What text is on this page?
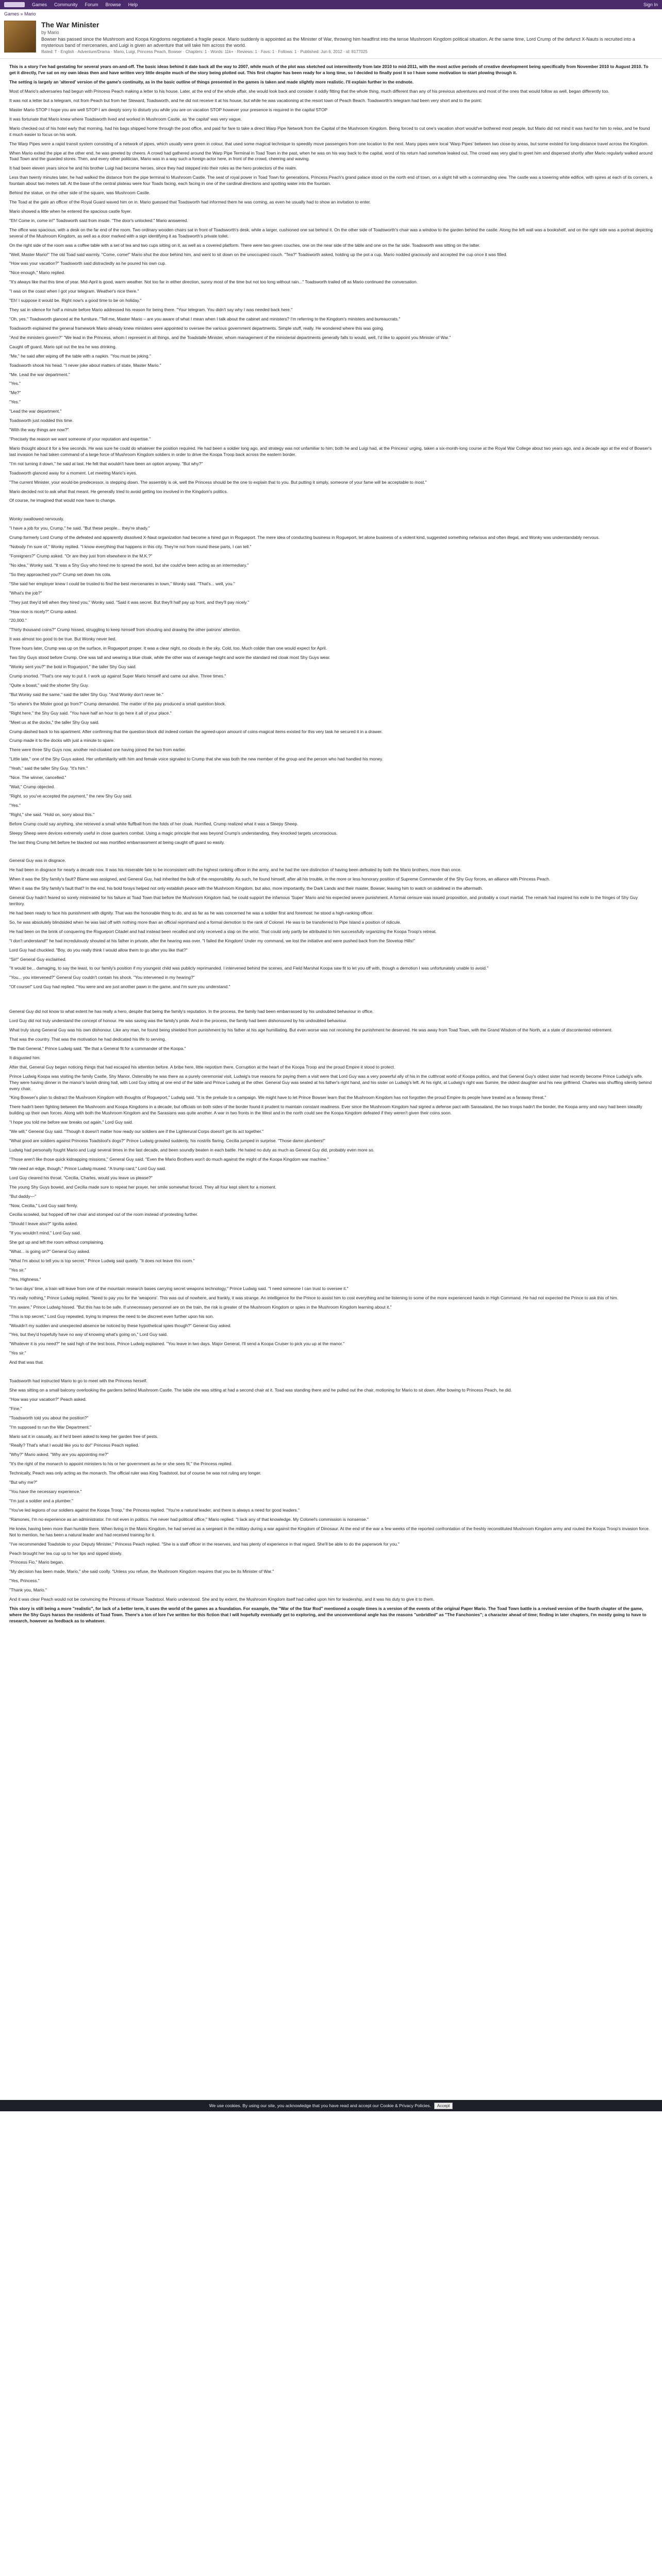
Games Community Forum Browse Help	Sign In
Games » Mario
The War Minister
by Mario
Bowser has passed since the Mushroom and Koopa Kingdoms negotiated a fragile peace. Mario suddenly is appointed as the Minister of War, throwing him headfirst into the tense Mushroom Kingdom political situation. At the same time, Lord Crump of the defunct X-Nauts is recruited into a mysterious band of mercenaries, and Luigi is given an adventure that will take him across the world.
Rated: T · English · Adventure/Drama · Mario, Luigi, Princess Peach, Bowser · Chapters: 1 · Words: 11k+ · Reviews: 1 · Favs: 1 · Follows: 1 · Published: Jun 6, 2012 · id: 8177025

This is a story I've had gestating for several years on-and-off. The basic ideas behind it date back all the way to 2007, while much of the plot was sketched out intermittently from late 2010 to mid-2011, with the most active periods of creative development being specifically from November 2010 to August 2010. To get it directly, I've sat on my own ideas then and have written very little despite much of the story being plotted out. This first chapter has been ready for a long time, so I decided to finally post it so I have some motivation to start plowing through it.

The setting is largely an 'altered' version of the game's continuity, as in the basic outline of things presented in the games is taken and made slightly more realistic. I'll explain further in the endnote.

Most of Mario's adversaries had begun with Princess Peach making a letter to his house. Later, at the end of the whole affair, she would look back and consider it oddly fitting that the whole thing, much different than any of his previous adventures and most of the ones that would follow as well, began differently too.

It was not a letter but a telegram, not from Peach but from her Steward, Toadsworth, and he did not receive it at his house, but while he was vacationing at the resort town of Peach Beach. Toadsworth's telegram had been very short and to the point:

Master Mario STOP I hope you are well STOP I am deeply sorry to disturb you while you are on vacation STOP however your presence is required in the capital STOP

It was fortunate that Mario knew where Toadsworth lived and worked in Mushroom Castle, as 'the capital' was very vague.

Mario checked out of his hotel early that morning, had his bags shipped home through the post office, and paid for fare to take a direct Warp Pipe Network from the Capital of the Mushroom Kingdom. Being forced to cut one's vacation short would've bothered most people, but Mario did not mind it was hard for him to relax, and he found it much easier to focus on his work.

The Warp Pipes were a rapid transit system consisting of a network of pipes, which usually were green in colour, that used some magical technique to speedily move passengers from one location to the next. Many pipes were local 'Warp Pipes' between two close-by areas, but some existed for long-distance travel across the Kingdom.

When Mario exited the pipe at the other end, he was greeted by cheers. A crowd had gathered around the Warp Pipe Terminal in Toad Town in the past, when he was on his way back to the capital, word of his return had somehow leaked out. The crowd was very glad to greet him and dispersed shortly after Mario regularly walked around Toad Town and the guarded stores. Then, and every other politician, Mario was in a way such a foreign actor here, in front of the crowd, cheering and waving.

It had been eleven years since he and his brother Luigi had become heroes, since they had stepped into their roles as the hero protectors of the realm.

Less than twenty minutes later, he had walked the distance from the pipe terminal to Mushroom Castle. The seat of royal power in Toad Town for generations, Princess Peach's grand palace stood on the north end of town, on a slight hill with a commanding view. The castle was a towering white edifice, with spires at each of its corners, a fountain about two meters tall. At the base of the central plateau were four Toads facing, each facing in one of the cardinal directions and spotting water into the fountain.

Behind the statue, on the other side of the square, was Mushroom Castle.

The Toad at the gate an officer of the Royal Guard waved him on in. Mario guessed that Toadsworth had informed them he was coming, as even he usually had to show an invitation to enter.

Mario showed a little when he entered the spacious castle foyer.

"Eh! Come in, come in!" Toadsworth said from inside. "The door's unlocked." Mario answered.

The office was spacious, with a desk on the far end of the room. Two ordinary wooden chairs sat in front of Toadsworth's desk, while a larger, cushioned one sat behind it. On the other side of Toadsworth's chair was a window to the garden behind the castle. Along the left wall was a bookshelf, and on the right side was a portrait depicting several of the Mushroom Kingdom, as well as a door marked with a sign identifying it as Toadsworth's private toilet.

On the right side of the room was a coffee table with a set of tea and two cups sitting on it, as well as a covered platform. There were two green couches, one on the near side of the table and one on the far side. Toadsworth was sitting on the latter.

"Well, Master Mario!" The old Toad said warmly. "Come, come!" Mario shut the door behind him, and went to sit down on the unoccupied couch. "Tea?" Toadsworth asked, holding up the pot a cup. Mario nodded graciously and accepted the cup once it was filled.

"How was your vacation?" Toadsworth said distractedly as he poured his own cup.

"Nice enough," Mario replied.

"It's always like that this time of year. Mid-April is good, warm weather. Not too far in either direction, sunny most of the time but not too long without rain..." Toadsworth trailed off as Mario continued the conversation.

"I was on the coast when I got your telegram. Weather's nice there."

"Eh! I suppose it would be. Right now's a good time to be on holiday."

They sat in silence for half a minute before Mario addressed his reason for being there. "Your telegram. You didn't say why I was needed back here."

"Oh, yes." Toadsworth glanced at the furniture. "Tell me, Master Mario – are you aware of what I mean when I talk about the cabinet and ministers? I'm referring to the Kingdom's ministers and bureaucrats."

Toadsworth explained the general framework Mario already knew ministers were appointed to oversee the various government departments. Simple stuff, really. He wondered where this was going.

"And the ministers govern?" "We lead in the Princess, whom I represent in all things, and the Toadstalle Minister, whom management of the ministerial departments generally falls to would, well, I'd like to appoint you Minister of War."

Caught off guard, Mario spit out the tea he was drinking.

"Me," he said after wiping off the table with a napkin. "You must be joking."

Toadsworth shook his head. "I never joke about matters of state, Master Mario."

"Me. Lead the war department."

"Yes."

"Me?"

"Yes."

"Lead the war department."

Toadsworth just nodded this time.

"With the way things are now?"

"Precisely the reason we want someone of your reputation and expertise."

Mario thought about it for a few seconds. He was sure he could do whatever the position required. He had been a soldier long ago, and strategy was not unfamiliar to him; both he and Luigi had, at the Princess' urging, taken a six-month-long course at the Royal War College about two years ago, and a decade ago at the end of Bowser's last invasion he had taken command of a large force of Mushroom Kingdom soldiers in order to drive the Koopa Troop back across the eastern border.

"I'm not turning it down," he said at last. He felt that wouldn't have been an option anyway. "But why?"

Toadsworth glanced away for a moment. Let meeting Mario's eyes.

"The current Minister, your would-be predecessor, is stepping down. The assembly is ok, well the Princess should be the one to explain that to you. But putting it simply, someone of your fame will be acceptable to most."

Mario decided not to ask what that meant. He generally tried to avoid getting too involved in the Kingdom's politics.

Of course, he imagined that would now have to change.

Wonky swallowed nervously.

"I have a job for you, Crump," he said. "But these people... they're shady."

Crump formerly Lord Crump of the defeated and apparently dissolved X-Naut organization had become a hired gun in Rogueport. The mere idea of conducting business in Rogueport, let alone business of a violent kind, suggested something nefarious and often illegal, and Wonky was understandably nervous.

"Nobody I'm sure of," Wonky replied. "I know everything that happens in this city. They're not from round these parts, I can tell."

"Foreigners?" Crump asked. "Or are they just from elsewhere in the M.K.?"

"No idea," Wonky said. "It was a Shy Guy who hired me to spread the word, but she could've been acting as an intermediary."

"So they approached you?" Crump set down his cola.

"She said her employer knew I could be trusted to find the best mercenaries in town," Wonky said. "That's... well, you."

"What's the job?"

"They just they'd tell when they hired you," Wonky said. "Said it was secret. But they'll half pay up front, and they'll pay nicely."

"How nice is nicely?" Crump asked.

"20,000."

"Thirty thousand coins?" Crump hissed, struggling to keep himself from shouting and drawing the other patrons' attention.

It was almost too good to be true. But Wonky never lied.

Three hours later, Crump was up on the surface, in Rogueport proper. It was a clear night, no clouds in the sky. Cold, too. Much colder than one would expect for April.

Two Shy Guys stood before Crump. One was tall and wearing a blue cloak, while the other was of average height and wore the standard red cloak most Shy Guys wear.

"Wonky sent you?" the bold in Rogueport," the taller Shy Guy said.

Crump snorted. "That's one way to put it. I work up against Super Mario himself and came out alive. Three times."

"Quite a boast," said the shorter Shy Guy.

"But Wonky said the same," said the taller Shy Guy. "And Wonky don't never lie."

"So where's the Mister good go from?" Crump demanded. The matter of the pay produced a small question block.

"Right here," the Shy Guy said. "You have half an hour to go here it all of your place."

"Meet us at the docks," the taller Shy Guy said.

Crump dashed back to his apartment. After confirming that the question block did indeed contain the agreed-upon amount of coins-magical items existed for this very task he secured it in a drawer.

Crump made it to the docks with just a minute to spare.

There were three Shy Guys now, another red-cloaked one having joined the two from earlier.

"Little late," one of the Shy Guys asked. Her unfamiliarity with him and female voice signaled to Crump that she was both the new member of the group and the person who had handled his money.

"Yeah," said the taller Shy Guy. "It's him."

"Nice. The winner, cancelled."

"Wait," Crump objected.

"Right, so you've accepted the payment," the new Shy Guy said.

"Yes."

"Right," she said. "Hold on, sorry about this."

Before Crump could say anything, she retrieved a small white fluffball from the folds of her cloak. Horrified, Crump realized what it was a Sleepy Sheep.

Sleepy Sheep were devices extremely useful in close quarters combat. Using a magic principle that was beyond Crump's understanding, they knocked targets unconscious.

The last thing Crump felt before he blacked out was mortified embarrassment at being caught off guard so easily.

General Guy was in disgrace.

He had been in disgrace for nearly a decade now. It was his miserable fate to be inconsistent with the highest ranking officer in the army, and he had the rare distinction of having been defeated by both the Mario brothers, more than once.

When it was the Shy family's fault? Blame was assigned, and General Guy, had inherited the bulk of the responsibility. As such, he found himself, after all his trouble, in the more or less honorary position of Supreme Commander of the Shy Guy forces, an alliance with Princess Peach.

When it was the Shy family's fault that? In the end, his bold forays helped not only establish peace with the Mushroom Kingdom, but also, more importantly, the Dark Lands and their master, Bowser, leaving him to watch on sidelined in the aftermath.

General Guy hadn't feared so sorely mistreated for his failure at Toad Town that before the Mushroom Kingdom had, he could support the infamous 'Super' Mario and his expected severe punishment. A formal censure was issued proposition, and probably a court martial. The remark had inspired his exile to the fringes of Shy Guy territory.

He had been ready to face his punishment with dignity. That was the honorable thing to do, and as far as he was concerned he was a soldier first and foremost: he stood a high-ranking officer.

So, he was absolutely blindsided when he was laid off with nothing more than an official reprimand and a formal demotion to the rank of Colonel. He was to be transferred to Pipe Island a position of ridicule.

He had been on the brink of conquering the Rogueport Citadel and had instead been recalled and only received a slap on the wrist. That could only partly be attributed to him successfully organizing the Koopa Troop's retreat.

"I don't understand!" he had incredulously shouted at his father in private, after the hearing was over. "I failed the Kingdom! Under my command, we lost the initiative and were pushed back from the Stovetop Hills!"

Lord Guy had chuckled. "Boy, do you really think I would allow them to go after you like that?"

"Sir!" General Guy exclaimed.

"It would be... damaging, to say the least, to our family's position if my youngest child was publicly reprimanded. I intervened behind the scenes, and Field Marshal Koopa saw fit to let you off with, though a demotion I was unfortunately unable to avoid."

"You... you intervened?" General Guy couldn't contain his shock. "You intervened in my hearing?"

"Of course!" Lord Guy had replied. "You were and are just another pawn in the game, and I'm sure you understand."

General Guy did not know to what extent he has really a hero, despite that being the family's reputation. In the process, the family had been embarrassed by his undoubted behaviour in office.

Lord Guy did not truly understand the concept of honour. He was saving was the family's pride. And in the process, the family had been dishonoured by his undoubted behaviour.

What truly stung General Guy was his own dishonour. Like any man, he found being shielded from punishment by his father at his age humiliating. But even worse was not receiving the punishment he deserved. He was away from Toad Town, with the Grand Wisdom of the North, at a state of discontented retirement.

That was the country. That was the motivation he had dedicated his life to serving.

"Be that General," Prince Ludwig said. "Be that a General fit for a commander of the Koopa."

It disgusted him.

After that, General Guy began noticing things that had escaped his attention before. A bribe here, little nepotism there. Corruption at the heart of the Koopa Troop and the proud Empire it stood to protect.

Prince Ludwig Koopa was visiting the family Castle, Shy Manor. Ostensibly he was there as a purely ceremonial visit, Ludwig's true reasons for paying them a visit were that Lord Guy was a very powerful ally of his in the cutthroat world of Koopa politics, and that General Guy's oldest sister had recently become Prince Ludwig's wife. They were having dinner in the manor's lavish dining hall, with Lord Guy sitting at one end of the table and Prince Ludwig at the other. General Guy was seated at his father's right hand, and his sister on Ludwig's left. At his right, at Ludwig's right was Sumire, the oldest daughter and his new girlfriend. Charles was shuffling silently behind every chair.

"King Bowser's plan to distract the Mushroom Kingdom with thoughts of Rogueport," Ludwig said. "It is the prelude to a campaign. We might have to let Prince Bowser learn that the Mushroom Kingdom has not forgotten the proud Empire its people have treated as a faraway threat."

There hadn't been fighting between the Mushroom and Koopa Kingdoms in a decade, but officials on both sides of the border found it prudent to maintain constant readiness. Ever since the Mushroom Kingdom had signed a defense pact with Sarasaland, the two troops hadn't the border, the Koopa army and navy had been steadily building up their own forces. Along with both the Mushroom Kingdom and the Sarasians was quite another. A war in two fronts in the West and in the north could see the Koopa Kingdom defeated if they weren't given their coins soon.

"I hope you told me before war breaks out again," Lord Guy said.

"We will," General Guy said. "Though it doesn't matter how ready our soldiers are if the Lighterural Corps doesn't get its act together."

"What good are soldiers against Princess Toadstool's dogs?" Prince Ludwig growled suddenly, his nostrils flaring. Cecilia jumped in surprise. "Those damn plumbers!"

Ludwig had personally fought Mario and Luigi several times in the last decade, and been soundly beaten in each battle. He hated no duty as much as General Guy did, probably even more so.

"Those aren't like those quick kidnapping missions," General Guy said. "Even the Mario Brothers won't do much against the might of the Koopa Kingdom war machine."

"We need an edge, though," Prince Ludwig mused. "A trump card," Lord Guy said.

Lord Guy cleared his throat. "Cecilia, Charles, would you leave us please?"

The young Shy Guys bowed, and Cecilia made sure to repeat her prayer, her smile somewhat forced. They all four kept silent for a moment.

"But daddy—"

"Now, Cecilia," Lord Guy said firmly.

Cecilia scowled, but hopped off her chair and stomped out of the room instead of protesting further.

"Should I leave also?" Ignitia asked.

"If you wouldn't mind," Lord Guy said.

She got up and left the room without complaining.

"What... is going on?" General Guy asked.

"What I'm about to tell you is top secret," Prince Ludwig said quietly. "It does not leave this room."

"Yes sir."

"Yes, Highness."

"In two days' time, a train will leave from one of the mountain research bases carrying secret weapons technology," Prince Ludwig said. "I need someone I can trust to oversee it."

"It's really nothing," Prince Ludwig replied. "Need to pay you for the 'weapons'. This was out of nowhere, and frankly, it was strange. An intelligence for the Prince to assist him to cost everything and be listening to some of the more experienced hands in High Command. He had not expected the Prince to ask this of him.

"I'm aware," Prince Ludwig hissed. "But this has to be safe. If unnecessary personnel are on the train, the risk is greater of the Mushroom Kingdom or spies in the Mushroom Kingdom learning about it."

"This is top secret," Lord Guy repeated, trying to impress the need to be discreet even further upon his son.

"Wouldn't my sudden and unexpected absence be noticed by these hypothetical spies though?" General Guy asked.

"Yes, but they'd hopefully have no way of knowing what's going on," Lord Guy said.

"Whatever it is you need?" he said high of the test boss, Prince Ludwig explained. "You leave in two days. Major General, I'll send a Koopa Cruiser to pick you up at the manor."

"Yes sir."

And that was that.

Toadsworth had instructed Mario to go to meet with the Princess herself.

She was sitting on a small balcony overlooking the gardens behind Mushroom Castle. The table she was sitting at had a second chair at it. Toad was standing there and he pulled out the chair, motioning for Mario to sit down. After bowing to Princess Peach, he did.

"How was your vacation?" Peach asked.

"Fine."

"Toadsworth told you about the position?"

"I'm supposed to run the War Department."

Mario sat it in casually, as if he'd been asked to keep her garden free of pests.

"Really? That's what I would like you to do!" Princess Peach replied.

"Why?" Mario asked. "Why are you appointing me?"

"It's the right of the monarch to appoint ministers to his or her government as he or she sees fit," the Princess replied.

Technically, Peach was only acting as the monarch. The official ruler was King Toadstool, but of course he was not ruling any longer.

"But why me?"

"You have the necessary experience."

"I'm just a soldier and a plumber."

"You've led legions of our soldiers against the Koopa Troop," the Princess replied. "You're a natural leader, and there is always a need for good leaders."

"Ramones, I'm no experience as an administrator. I'm not even in politics. I've never had political office," Mario replied. "I lack any of that knowledge. My Colonel's commission is nonsense."

He knew, having been more than humble there. When living in the Mario Kingdom, he had served as a sergeant in the military during a war against the Kingdom of Dinosaur. At the end of the war a few weeks of the reported confrontation of the freshly reconstituted Mushroom Kingdom army and routed the Koopa Troop's invasion force. Not to mention, he has been a natural leader and had received training for it.

"I've recommended Toadstole to your Deputy Minister," Princess Peach replied. "She is a staff officer in the reserves, and has plenty of experience in that regard. She'll be able to do the paperwork for you."

Peach brought her tea cup up to her lips and sipped slowly.

"Princess Fio," Mario began.

"My decision has been made, Mario," she said coolly. "Unless you refuse, the Mushroom Kingdom requires that you be its Minister of War."

"Yes, Princess."

"Thank you, Mario."

And it was clear Peach would not be convincing the Princess of House Toadstool. Mario understood. She and by extent, the Mushroom Kingdom itself had called upon him for leadership, and it was his duty to give it to them.

This story is still being a more "realistic", for lack of a better term, it uses the world of the games as a foundation. For example, the "War of the Star Rod" mentioned a couple times is a version of the events of the original Paper Mario. The Toad Town battle is a revised version of the fourth chapter of the game, where the Shy Guys harass the residents of Toad Town. There's a ton of lore I've written for this fiction that I will hopefully eventually get to exploring, and the unconventional angle has the reasons "unbridled" as "The Fanchonies"; a character ahead of time; finding in later chapters, I'm mostly going to have to research, however as feedback as to whatever.

We use cookies. By using our site, you acknowledge that you have read and accept our Cookie & Privacy Policies.	Accept
